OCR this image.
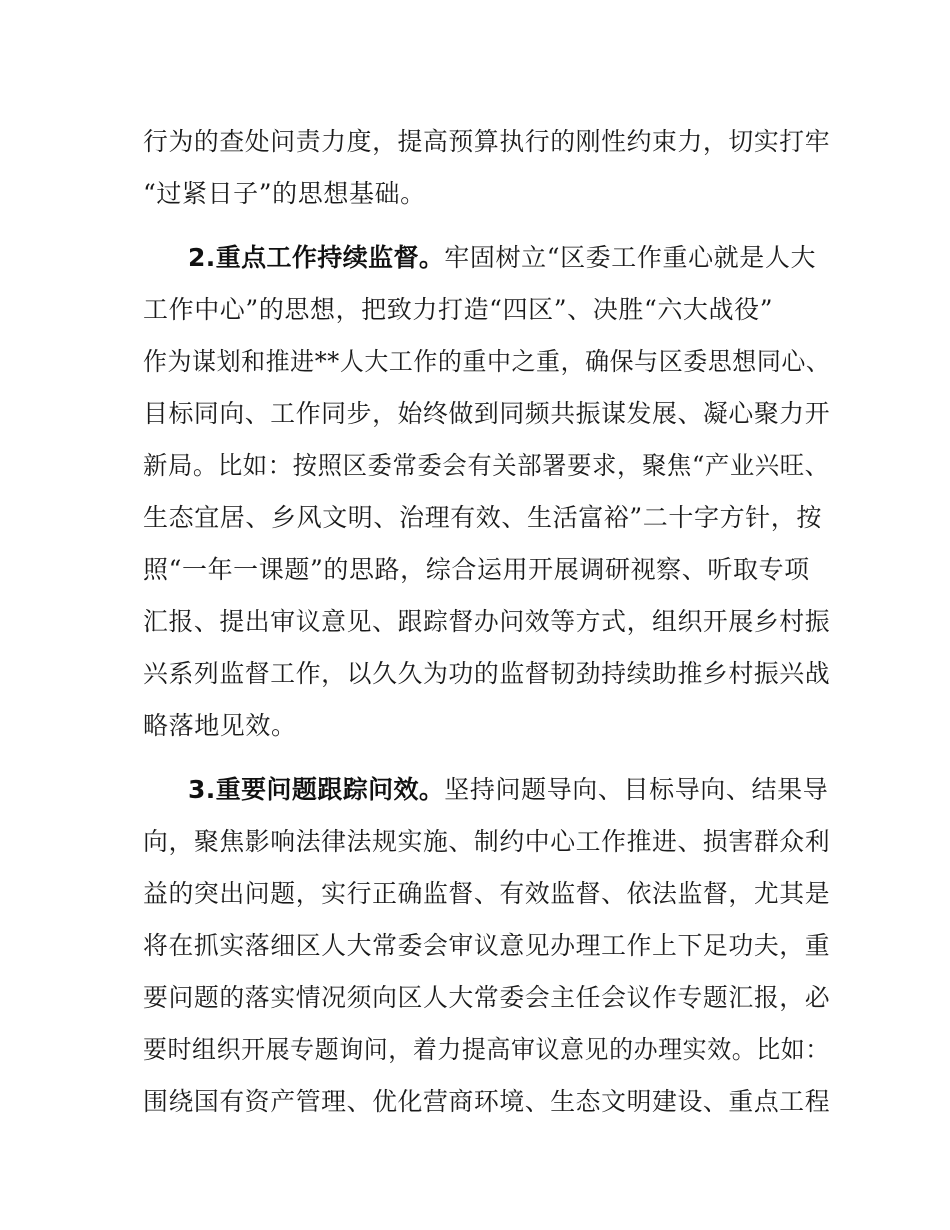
行为的查处问责力度，提高预算执行的刚性约束力，切实打牢
“过紧日子”的思想基础。
2.重点工作持续监督。牢固树立“区委工作重心就是人大
工作中心”的思想，把致力打造“四区”、决胜“六大战役”
作为谋划和推进**人大工作的重中之重，确保与区委思想同心、
目标同向、工作同步，始终做到同频共振谋发展、凝心聚力开
新局。比如：按照区委常委会有关部署要求，聚焦“产业兴旺、
生态宜居、乡风文明、治理有效、生活富裕”二十字方针，按
照“一年一课题”的思路，综合运用开展调研视察、听取专项
汇报、提出审议意见、跟踪督办问效等方式，组织开展乡村振
兴系列监督工作，以久久为功的监督韧劲持续助推乡村振兴战
略落地见效。
3.重要问题跟踪问效。坚持问题导向、目标导向、结果导
向，聚焦影响法律法规实施、制约中心工作推进、损害群众利
益的突出问题，实行正确监督、有效监督、依法监督，尤其是
将在抓实落细区人大常委会审议意见办理工作上下足功夫，重
要问题的落实情况须向区人大常委会主任会议作专题汇报，必
要时组织开展专题询问，着力提高审议意见的办理实效。比如：
围绕国有资产管理、优化营商环境、生态文明建设、重点工程
